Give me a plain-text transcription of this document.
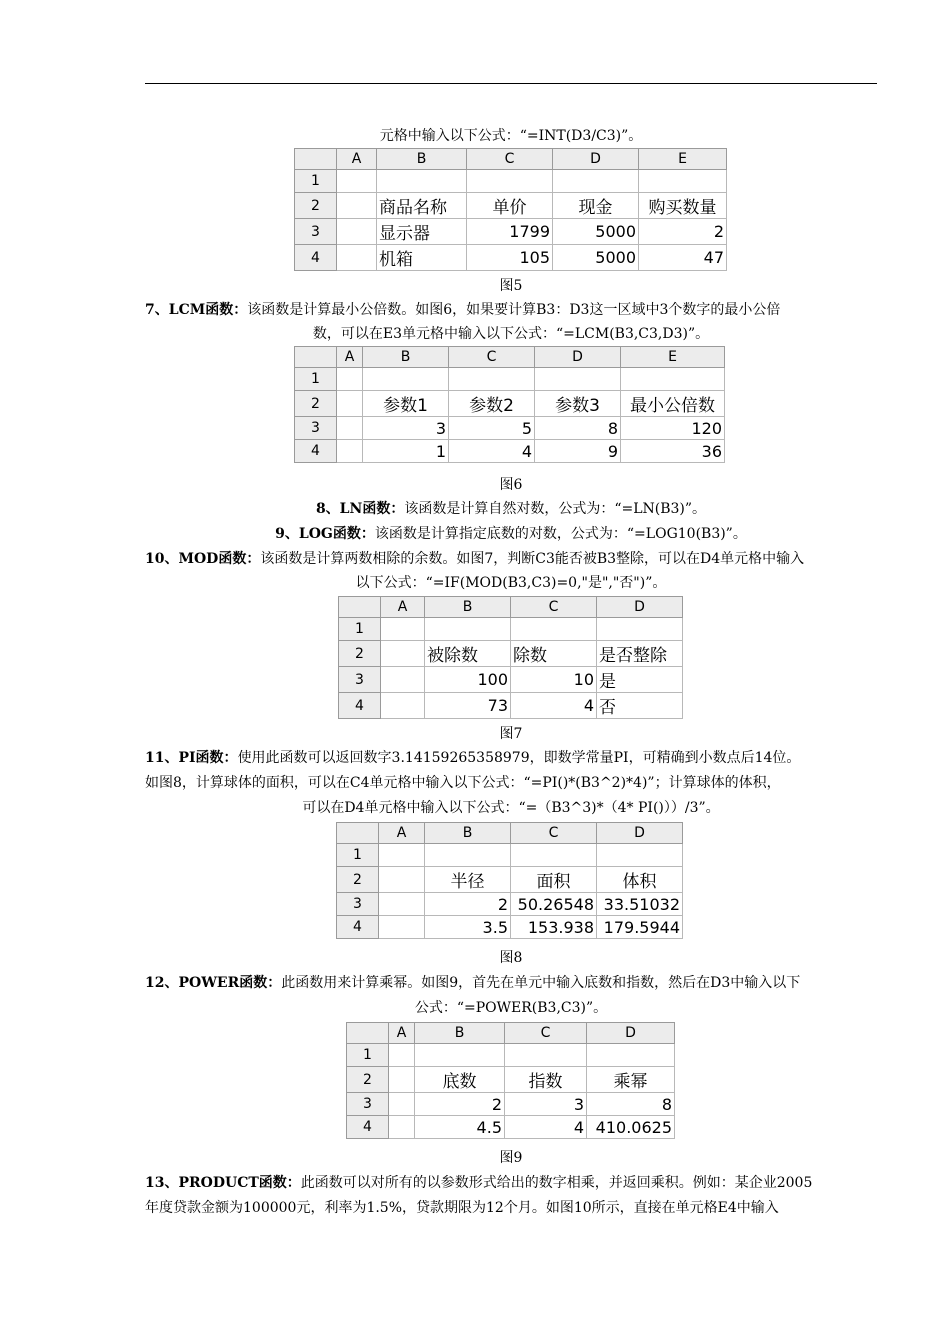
元格中输入以下公式：“=INT(D3/C3)”。
	A	B	C	D	E
1					
2		商品名称	单价	现金	购买数量
3		显示器	1799	5000	2
4		机箱	105	5000	47
图5
7、LCM函数：该函数是计算最小公倍数。如图6，如果要计算B3：D3这一区域中3个数字的最小公倍
数，可以在E3单元格中输入以下公式：“=LCM(B3,C3,D3)”。
	A	B	C	D	E
1					
2		参数1	参数2	参数3	最小公倍数
3		3	5	8	120
4		1	4	9	36
图6
8、LN函数：该函数是计算自然对数，公式为：“=LN(B3)”。
9、LOG函数：该函数是计算指定底数的对数，公式为：“=LOG10(B3)”。
10、MOD函数：该函数是计算两数相除的余数。如图7，判断C3能否被B3整除，可以在D4单元格中输入
以下公式：“=IF(MOD(B3,C3)=0,"是","否")”。
	A	B	C	D
1				
2		被除数	除数	是否整除
3		100	10	是
4		73	4	否
图7
11、PI函数：使用此函数可以返回数字3.14159265358979，即数学常量PI，可精确到小数点后14位。
如图8，计算球体的面积，可以在C4单元格中输入以下公式：“=PI()*(B3^2)*4)”；计算球体的体积，
可以在D4单元格中输入以下公式：“=（B3^3)*（4* PI()））/3”。
	A	B	C	D
1				
2		半径	面积	体积
3		2	50.26548	33.51032
4		3.5	153.938	179.5944
图8
12、POWER函数：此函数用来计算乘幂。如图9，首先在单元中输入底数和指数，然后在D3中输入以下
公式：“=POWER(B3,C3)”。
	A	B	C	D
1				
2		底数	指数	乘幂
3		2	3	8
4		4.5	4	410.0625
图9
13、PRODUCT函数：此函数可以对所有的以参数形式给出的数字相乘，并返回乘积。例如：某企业2005
年度贷款金额为100000元，利率为1.5%，贷款期限为12个月。如图10所示，直接在单元格E4中输入
